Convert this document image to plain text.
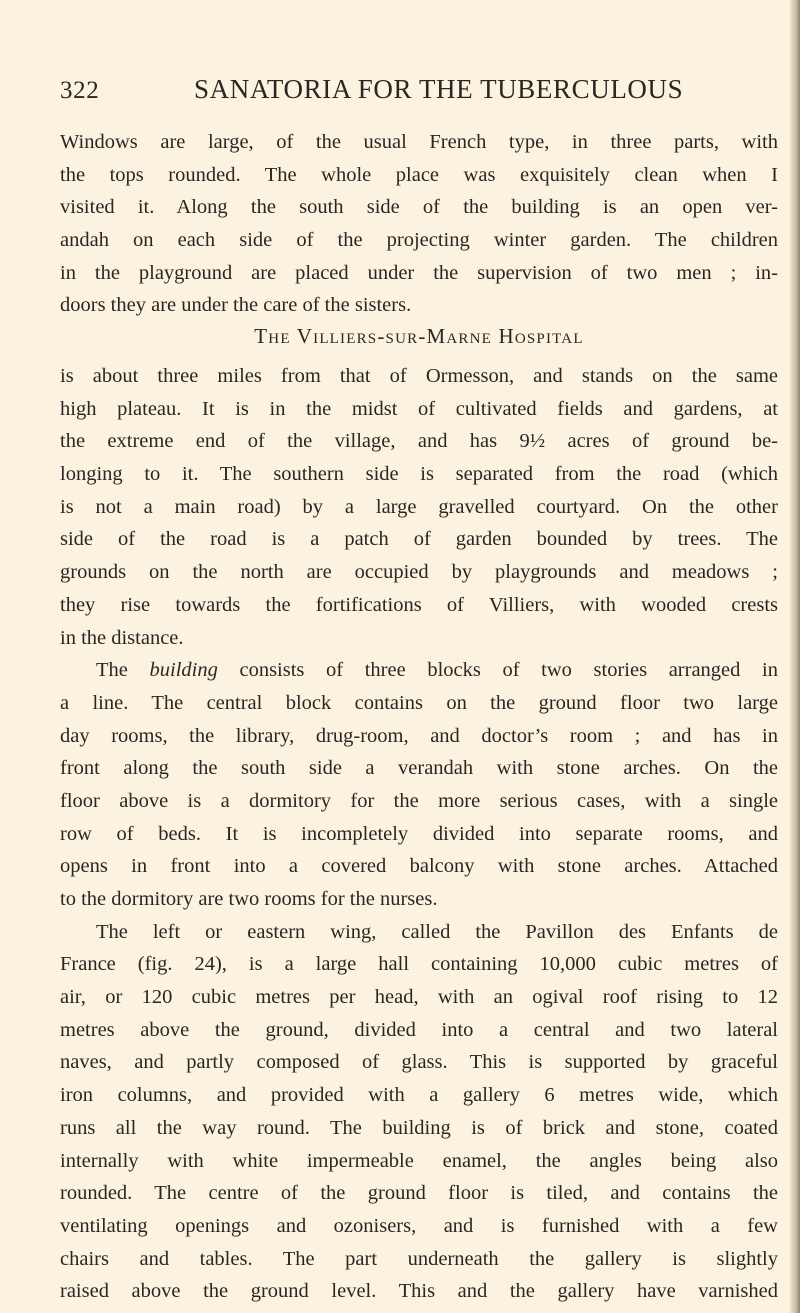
322	SANATORIA FOR THE TUBERCULOUS
Windows are large, of the usual French type, in three parts, with
the tops rounded. The whole place was exquisitely clean when I
visited it. Along the south side of the building is an open ver-
andah on each side of the projecting winter garden. The children
in the playground are placed under the supervision of two men ; in-
doors they are under the care of the sisters.
The Villiers-sur-Marne Hospital
is about three miles from that of Ormesson, and stands on the same
high plateau. It is in the midst of cultivated fields and gardens, at
the extreme end of the village, and has 9½ acres of ground be-
longing to it. The southern side is separated from the road (which
is not a main road) by a large gravelled courtyard. On the other
side of the road is a patch of garden bounded by trees. The
grounds on the north are occupied by playgrounds and meadows ;
they rise towards the fortifications of Villiers, with wooded crests
in the distance.
The building consists of three blocks of two stories arranged in
a line. The central block contains on the ground floor two large
day rooms, the library, drug-room, and doctor’s room ; and has in
front along the south side a verandah with stone arches. On the
floor above is a dormitory for the more serious cases, with a single
row of beds. It is incompletely divided into separate rooms, and
opens in front into a covered balcony with stone arches. Attached
to the dormitory are two rooms for the nurses.
The left or eastern wing, called the Pavillon des Enfants de
France (fig. 24), is a large hall containing 10,000 cubic metres of
air, or 120 cubic metres per head, with an ogival roof rising to 12
metres above the ground, divided into a central and two lateral
naves, and partly composed of glass. This is supported by graceful
iron columns, and provided with a gallery 6 metres wide, which
runs all the way round. The building is of brick and stone, coated
internally with white impermeable enamel, the angles being also
rounded. The centre of the ground floor is tiled, and contains the
ventilating openings and ozonisers, and is furnished with a few
chairs and tables. The part underneath the gallery is slightly
raised above the ground level. This and the gallery have varnished
